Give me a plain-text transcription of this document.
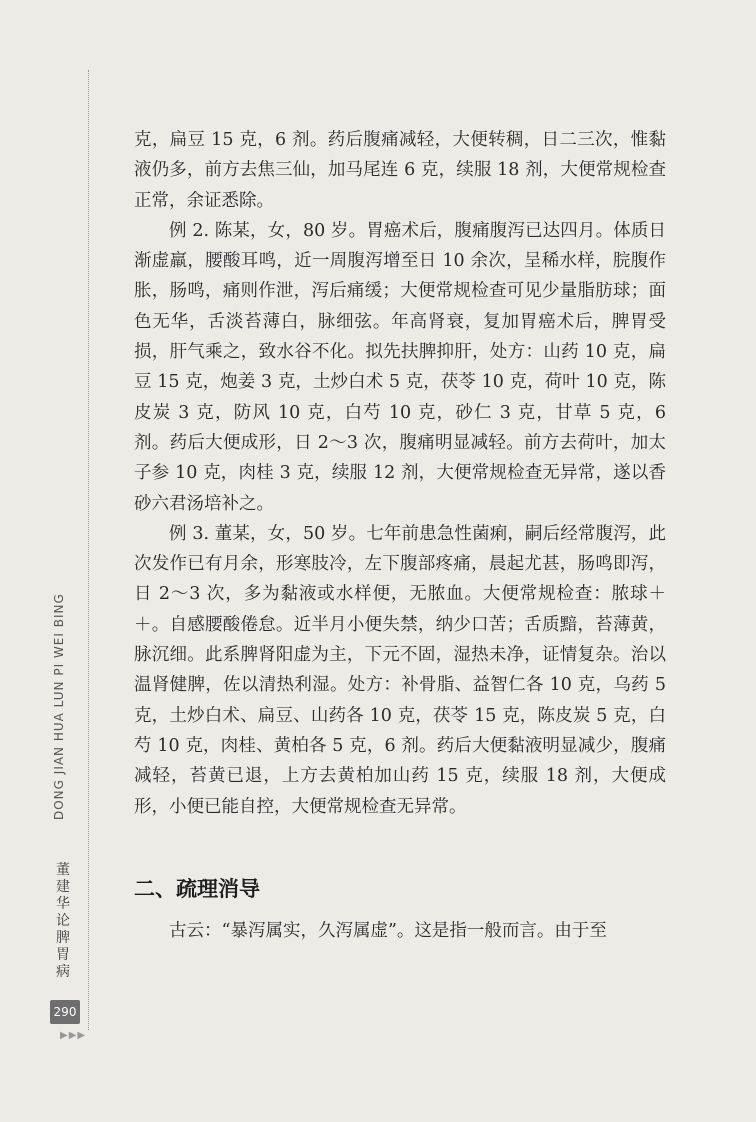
DONG JIAN HUA LUN PI WEI BING
董建华论脾胃病
290
▶▶▶

克，扁豆 15 克，6 剂。药后腹痛减轻，大便转稠，日二三次，惟黏液仍多，前方去焦三仙，加马尾连 6 克，续服 18 剂，大便常规检查正常，余证悉除。

例 2. 陈某，女，80 岁。胃癌术后，腹痛腹泻已达四月。体质日渐虚羸，腰酸耳鸣，近一周腹泻增至日 10 余次，呈稀水样，脘腹作胀，肠鸣，痛则作泄，泻后痛缓；大便常规检查可见少量脂肪球；面色无华，舌淡苔薄白，脉细弦。年高肾衰，复加胃癌术后，脾胃受损，肝气乘之，致水谷不化。拟先扶脾抑肝，处方：山药 10 克，扁豆 15 克，炮姜 3 克，土炒白术 5 克，茯苓 10 克，荷叶 10 克，陈皮炭 3 克，防风 10 克，白芍 10 克，砂仁 3 克，甘草 5 克，6 剂。药后大便成形，日 2～3 次，腹痛明显减轻。前方去荷叶，加太子参 10 克，肉桂 3 克，续服 12 剂，大便常规检查无异常，遂以香砂六君汤培补之。

例 3. 董某，女，50 岁。七年前患急性菌痢，嗣后经常腹泻，此次发作已有月余，形寒肢冷，左下腹部疼痛，晨起尤甚，肠鸣即泻，日 2～3 次，多为黏液或水样便，无脓血。大便常规检查：脓球＋＋。自感腰酸倦怠。近半月小便失禁，纳少口苦；舌质黯，苔薄黄，脉沉细。此系脾肾阳虚为主，下元不固，湿热未净，证情复杂。治以温肾健脾，佐以清热利湿。处方：补骨脂、益智仁各 10 克，乌药 5 克，土炒白术、扁豆、山药各 10 克，茯苓 15 克，陈皮炭 5 克，白芍 10 克，肉桂、黄柏各 5 克，6 剂。药后大便黏液明显减少，腹痛减轻，苔黄已退，上方去黄柏加山药 15 克，续服 18 剂，大便成形，小便已能自控，大便常规检查无异常。

二、疏理消导

古云：“暴泻属实，久泻属虚”。这是指一般而言。由于至
